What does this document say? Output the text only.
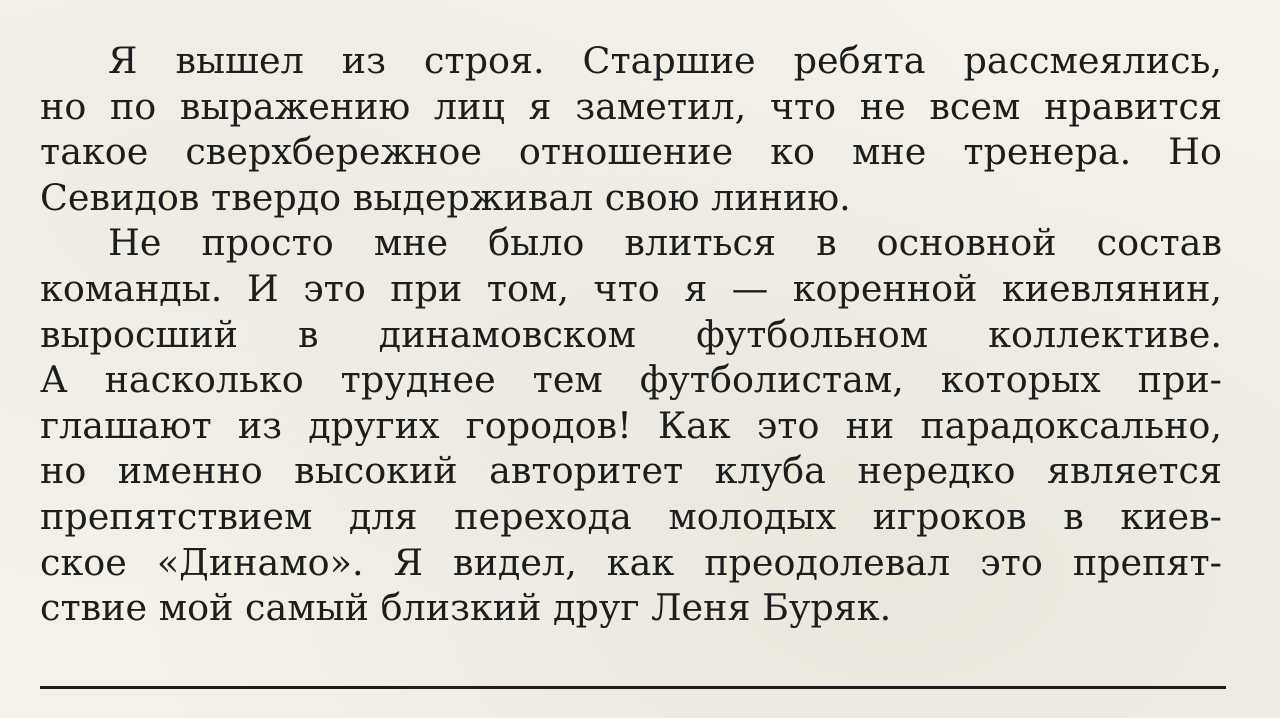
Я вышел из строя. Старшие ребята рассмеялись,
но по выражению лиц я заметил, что не всем нравится
такое сверхбережное отношение ко мне тренера. Но
Севидов твердо выдерживал свою линию.
Не просто мне было влиться в основной состав
команды. И это при том, что я — коренной киевлянин,
выросший в динамовском футбольном коллективе.
А насколько труднее тем футболистам, которых при-
глашают из других городов! Как это ни парадоксально,
но именно высокий авторитет клуба нередко является
препятствием для перехода молодых игроков в киев-
ское «Динамо». Я видел, как преодолевал это препят-
ствие мой самый близкий друг Леня Буряк.
